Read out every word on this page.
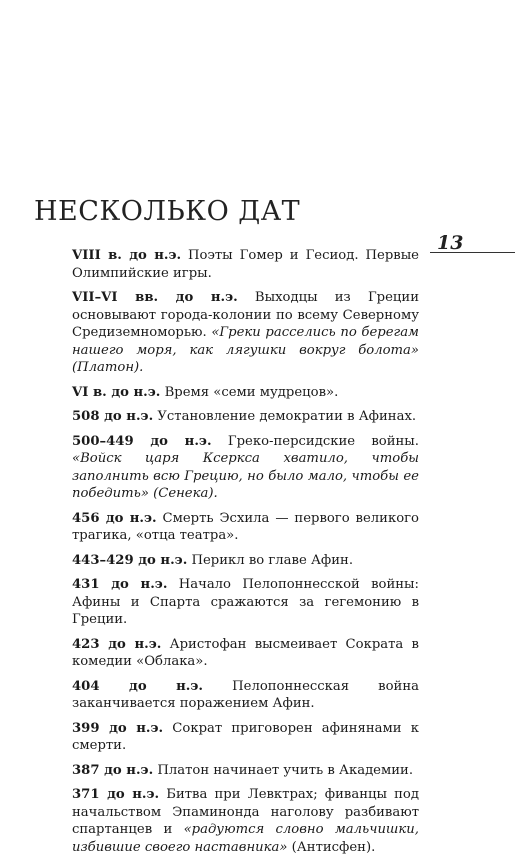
НЕСКОЛЬКО ДАТ
13

VIII в. до н.э. Поэты Гомер и Гесиод. Первые Олимпийские игры.

VII–VI вв. до н.э. Выходцы из Греции основывают города-колонии по всему Северному Средиземноморью. «Греки расселись по берегам нашего моря, как лягушки вокруг болота» (Платон).

VI в. до н.э. Время «семи мудрецов».

508 до н.э. Установление демократии в Афинах.

500–449 до н.э. Греко-персидские войны. «Войск царя Ксеркса хватило, чтобы заполнить всю Грецию, но было мало, чтобы ее победить» (Сенека).

456 до н.э. Смерть Эсхила — первого великого трагика, «отца театра».

443–429 до н.э. Перикл во главе Афин.

431 до н.э. Начало Пелопоннесской войны: Афины и Спарта сражаются за гегемонию в Греции.

423 до н.э. Аристофан высмеивает Сократа в комедии «Облака».

404 до н.э. Пелопоннесская война заканчивается поражением Афин.

399 до н.э. Сократ приговорен афинянами к смерти.

387 до н.э. Платон начинает учить в Академии.

371 до н.э. Битва при Левктрах; фиванцы под начальством Эпаминонда наголову разбивают спартанцев и «радуются словно мальчишки, избившие своего наставника» (Антисфен).
